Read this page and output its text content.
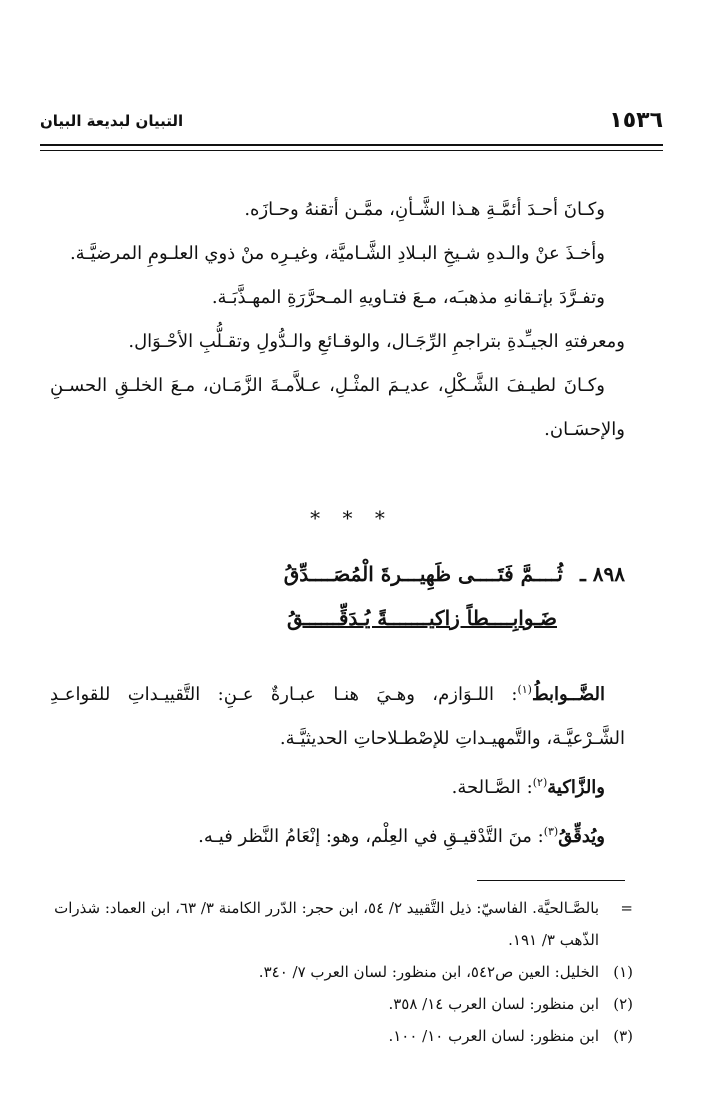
١٥٣٦
التبيان لبديعة البيان

وكـانَ أحـدَ أئمَّـةِ هـذا الشَّـأنِ، ممَّـن أتقنهُ وحـازَه.

وأخـذَ عنْ والـدهِ شـيخِ البـلادِ الشَّـاميَّة، وغيـرِه منْ ذوي العلـومِ المرضيَّـة.

وتفـرَّدَ بإتـقانهِ مذهبـَه، مـعَ فتـاويهِ المـحرَّرَةِ المهـذَّبَـة.

ومعرفتهِ الجيـِّدةِ بتراجمِ الرِّجَـال، والوقـائعِ والـدُّولِ وتقـلُّبِ الأحْـوَال.

وكـانَ لطيـفَ الشَّـكْلِ، عديـمَ المثْـلِ، عـلاَّمـةَ الزَّمَـان، مـعَ الخلـقِ الحسـنِ والإحسَـان.

* * *
٨٩٨ ـ ثُــــمَّ فَتَــــى ظَهِيـــرةَ الْمُصَــــدِّقُ
ضَـوابِــــطاً زاكيـــــــةً يُـدَقِّــــــقُ

الضَّــوابطُ$^{(١)}$: اللـوَازم، وهـيَ هنـا عبـارةٌ عـنِ: التَّقييـداتِ للقواعـدِ الشَّـرْعيَّـة، والتَّمهيـداتِ للإصْطـلاحاتِ الحديثيَّـة.

والزَّاكية$^{(٢)}$: الصَّـالحة.

ويُدقِّقُ$^{(٣)}$: منَ التَّدْقيـقِ في العِلْم، وهو: إنْعَامُ النَّظر فيـه.

=
بالصَّـالحيَّة. الفاسيّ: ذيل التَّقييد ٢/ ٥٤، ابن حجر: الدّرر الكامنة ٣/ ٦٣، ابن العماد: شذرات الذّهب ٣/ ١٩١.
(١)
الخليل: العين ص٥٤٢، ابن منظور: لسان العرب ٧/ ٣٤٠.
(٢)
ابن منظور: لسان العرب ١٤/ ٣٥٨.
(٣)
ابن منظور: لسان العرب ١٠/ ١٠٠.
